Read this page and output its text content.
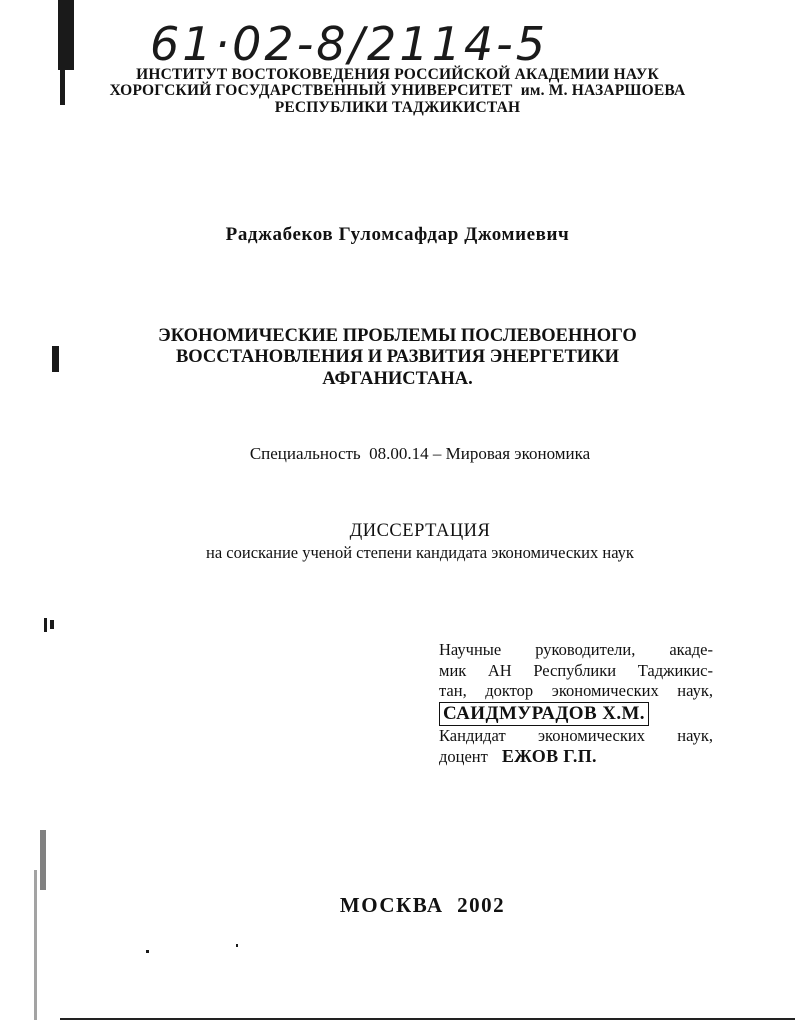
61·02-8/2114-5
ИНСТИТУТ ВОСТОКОВЕДЕНИЯ РОССИЙСКОЙ АКАДЕМИИ НАУК
ХОРОГСКИЙ ГОСУДАРСТВЕННЫЙ УНИВЕРСИТЕТ  им. М. НАЗАРШОЕВА
РЕСПУБЛИКИ ТАДЖИКИСТАН
Раджабеков Гуломсафдар Джомиевич
ЭКОНОМИЧЕСКИЕ ПРОБЛЕМЫ ПОСЛЕВОЕННОГО
ВОССТАНОВЛЕНИЯ И РАЗВИТИЯ ЭНЕРГЕТИКИ
АФГАНИСТАНА.
Специальность  08.00.14 – Мировая экономика
ДИССЕРТАЦИЯ
на соискание ученой степени кандидата экономических наук
Научные руководители, акаде-
мик АН Республики Таджикис-
тан, доктор экономических наук,
САИДМУРАДОВ Х.М.
Кандидат экономических наук,
доцент ЕЖОВ Г.П.
МОСКВА  2002
